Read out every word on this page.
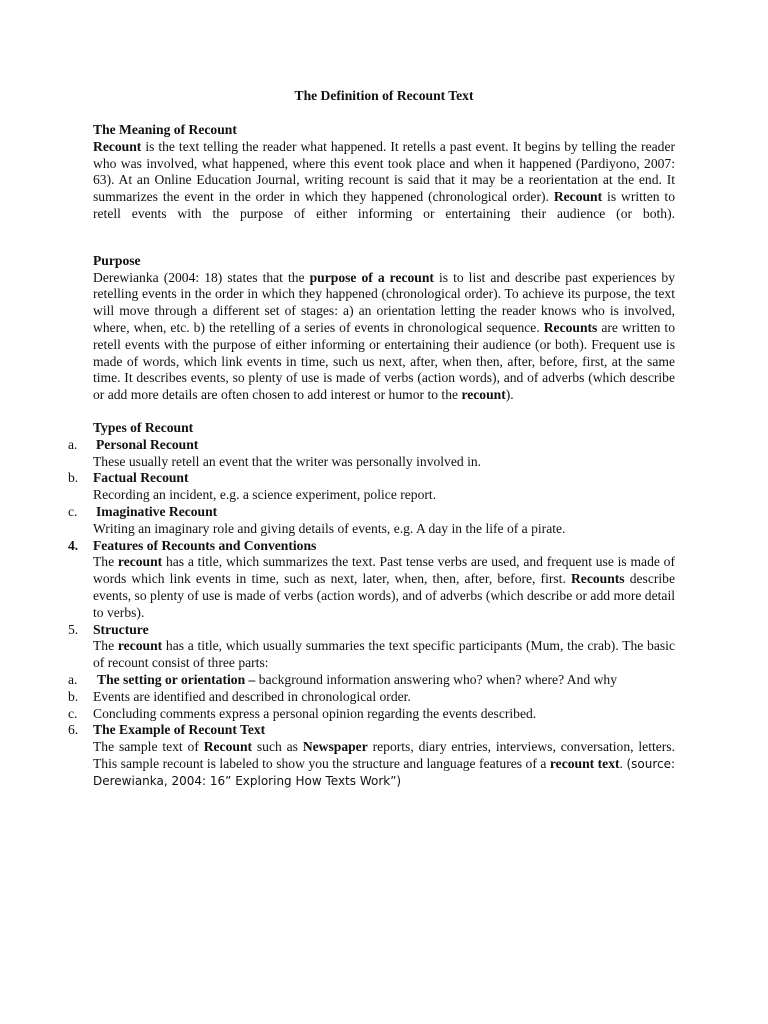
The Definition of Recount Text

The Meaning of Recount

Recount is the text telling the reader what happened. It retells a past event. It begins by telling the reader who was involved, what happened, where this event took place and when it happened (Pardiyono, 2007: 63). At an Online Education Journal, writing recount is said that it may be a reorientation at the end. It summarizes the event in the order in which they happened (chronological order). Recount is written to retell events with the purpose of either informing or entertaining their audience (or both).

Purpose

Derewianka (2004: 18) states that the purpose of a recount is to list and describe past experiences by retelling events in the order in which they happened (chronological order). To achieve its purpose, the text will move through a different set of stages: a) an orientation letting the reader knows who is involved, where, when, etc. b) the retelling of a series of events in chronological sequence. Recounts are written to retell events with the purpose of either informing or entertaining their audience (or both). Frequent use is made of words, which link events in time, such us next, after, when then, after, before, first, at the same time. It describes events, so plenty of use is made of verbs (action words), and of adverbs (which describe or add more details are often chosen to add interest or humor to the recount).

Types of Recount

a. Personal Recount
These usually retell an event that the writer was personally involved in.
b. Factual Recount
Recording an incident, e.g. a science experiment, police report.
c. Imaginative Recount
Writing an imaginary role and giving details of events, e.g. A day in the life of a pirate.
4. Features of Recounts and Conventions

The recount has a title, which summarizes the text. Past tense verbs are used, and frequent use is made of words which link events in time, such as next, later, when, then, after, before, first. Recounts describe events, so plenty of use is made of verbs (action words), and of adverbs (which describe or add more detail to verbs).

5. Structure

The recount has a title, which usually summaries the text specific participants (Mum, the crab). The basic of recount consist of three parts:

a. The setting or orientation – background information answering who? when? where? And why

b. Events are identified and described in chronological order.
c. Concluding comments express a personal opinion regarding the events described.
6. The Example of Recount Text

The sample text of Recount such as Newspaper reports, diary entries, interviews, conversation, letters. This sample recount is labeled to show you the structure and language features of a recount text. (source: Derewianka, 2004: 16” Exploring How Texts Work”)
